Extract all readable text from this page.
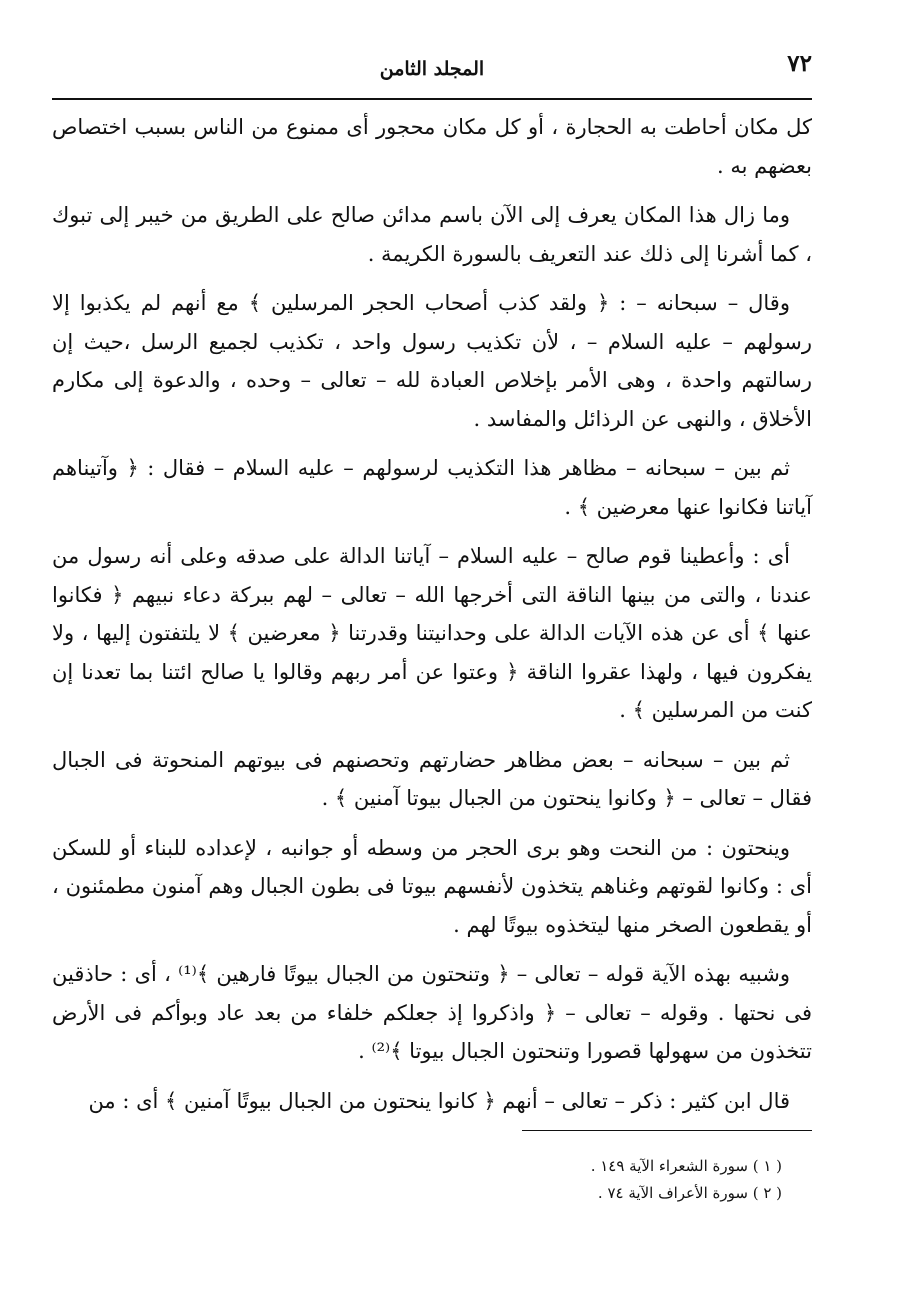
٧٢
المجلد الثامن

كل مكان أحاطت به الحجارة ، أو كل مكان محجور أى ممنوع من الناس بسبب اختصاص بعضهم به .

وما زال هذا المكان يعرف إلى الآن باسم مدائن صالح على الطريق من خيبر إلى تبوك ، كما أشرنا إلى ذلك عند التعريف بالسورة الكريمة .

وقال – سبحانه – : ﴿ ولقد كذب أصحاب الحجر المرسلين ﴾ مع أنهم لم يكذبوا إلا رسولهم – عليه السلام – ، لأن تكذيب رسول واحد ، تكذيب لجميع الرسل ،حيث إن رسالتهم واحدة ، وهى الأمر بإخلاص العبادة لله – تعالى – وحده ، والدعوة إلى مكارم الأخلاق ، والنهى عن الرذائل والمفاسد .

ثم بين – سبحانه – مظاهر هذا التكذيب لرسولهم – عليه السلام – فقال : ﴿ وآتيناهم آياتنا فكانوا عنها معرضين ﴾ .

أى : وأعطينا قوم صالح – عليه السلام – آياتنا الدالة على صدقه وعلى أنه رسول من عندنا ، والتى من بينها الناقة التى أخرجها الله – تعالى – لهم ببركة دعاء نبيهم ﴿ فكانوا عنها ﴾ أى عن هذه الآيات الدالة على وحدانيتنا وقدرتنا ﴿ معرضين ﴾ لا يلتفتون إليها ، ولا يفكرون فيها ، ولهذا عقروا الناقة ﴿ وعتوا عن أمر ربهم وقالوا يا صالح ائتنا بما تعدنا إن كنت من المرسلين ﴾ .

ثم بين – سبحانه – بعض مظاهر حضارتهم وتحصنهم فى بيوتهم المنحوتة فى الجبال فقال – تعالى – ﴿ وكانوا ينحتون من الجبال بيوتا آمنين ﴾ .

وينحتون : من النحت وهو برى الحجر من وسطه أو جوانبه ، لإعداده للبناء أو للسكن أى : وكانوا لقوتهم وغناهم يتخذون لأنفسهم بيوتا فى بطون الجبال وهم آمنون مطمئنون ، أو يقطعون الصخر منها ليتخذوه بيوتًا لهم .

وشبيه بهذه الآية قوله – تعالى – ﴿ وتنحتون من الجبال بيوتًا فارهين ﴾⁽¹⁾ ، أى : حاذقين فى نحتها . وقوله – تعالى – ﴿ واذكروا إذ جعلكم خلفاء من بعد عاد وبوأكم فى الأرض تتخذون من سهولها قصورا وتنحتون الجبال بيوتا ﴾⁽²⁾ .

قال ابن كثير : ذكر – تعالى – أنهم ﴿ كانوا ينحتون من الجبال بيوتًا آمنين ﴾ أى : من

( ١ ) سورة الشعراء الآية ١٤٩ .

( ٢ ) سورة الأعراف الآية ٧٤ .
